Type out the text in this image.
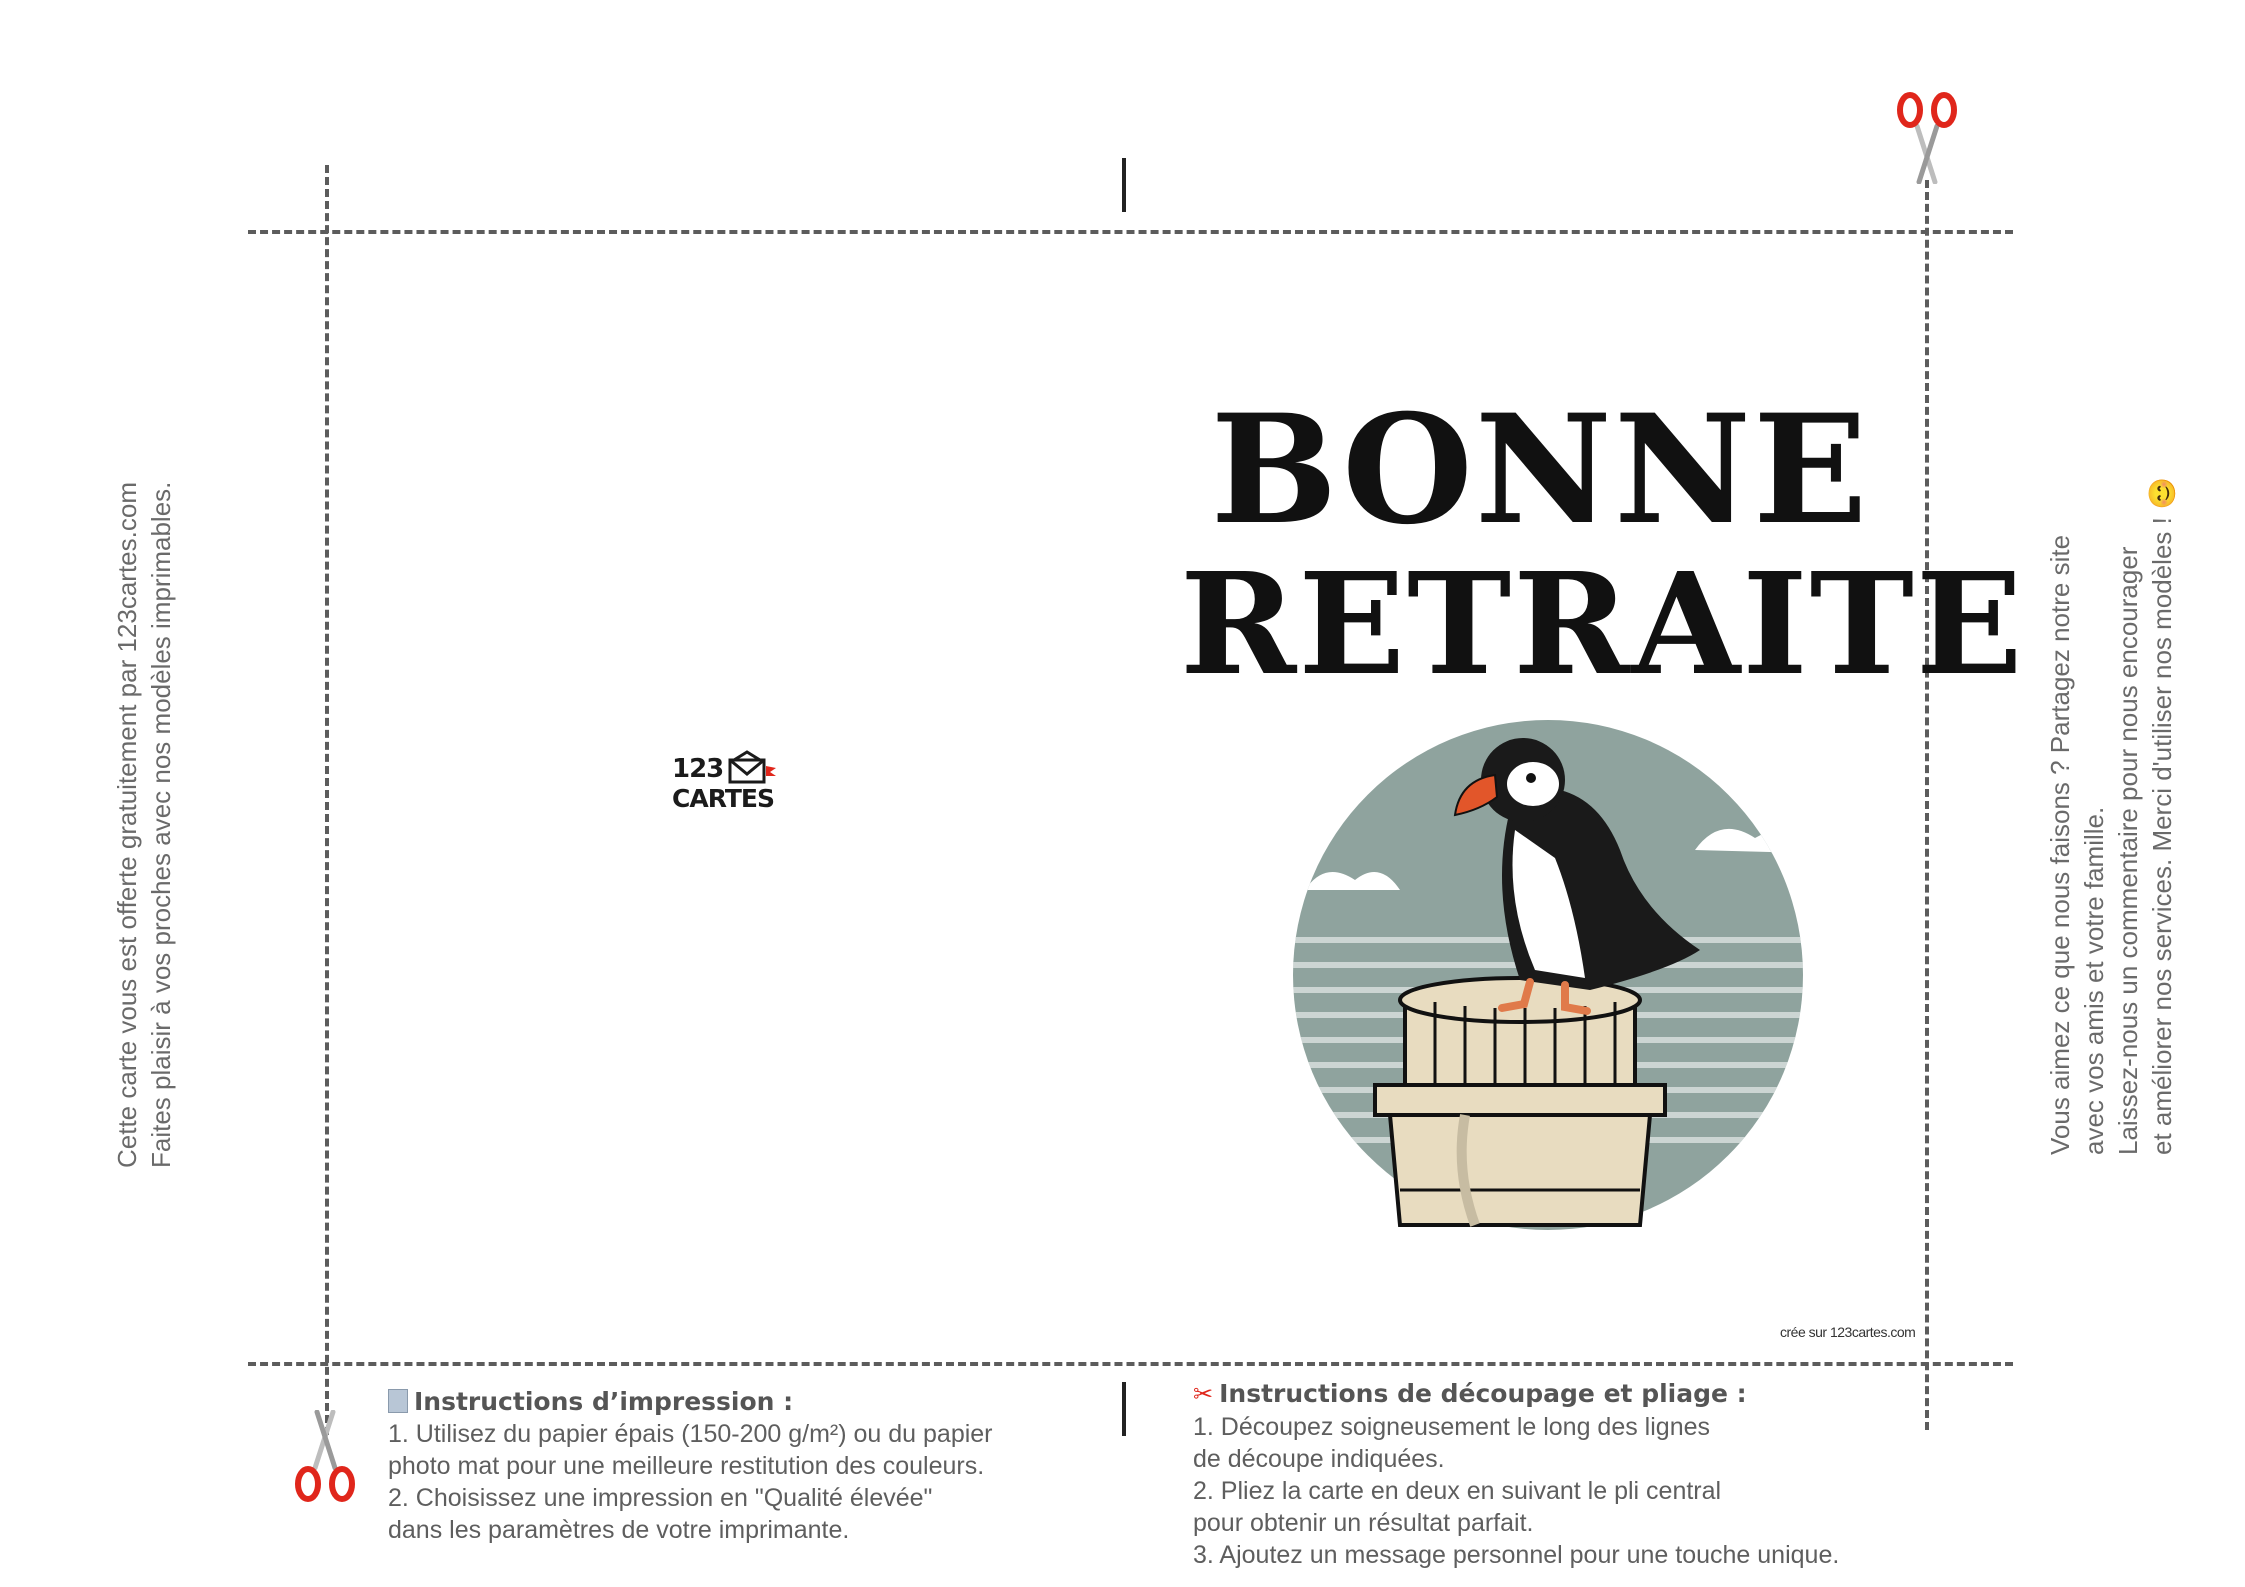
Cette carte vous est offerte gratuitement par 123cartes.com Faites plaisir à vos proches avec nos modèles imprimables.	Vous aimez ce que nous faisons ? Partagez notre site avec vos amis et votre famille. Laissez-nous un commentaire pour nous encourager et améliorer nos services. Merci d'utiliser nos modèles ! 😊
123
CARTES
BONNE
RETRAITE
crée sur 123cartes.com
Instructions d’impression :
1. Utilisez du papier épais (150-200 g/m²) ou du papier
photo mat pour une meilleure restitution des couleurs.
2. Choisissez une impression en "Qualité élevée"
dans les paramètres de votre imprimante.
✂ Instructions de découpage et pliage :
1. Découpez soigneusement le long des lignes
de découpe indiquées.
2. Pliez la carte en deux en suivant le pli central
pour obtenir un résultat parfait.
3. Ajoutez un message personnel pour une touche unique.
